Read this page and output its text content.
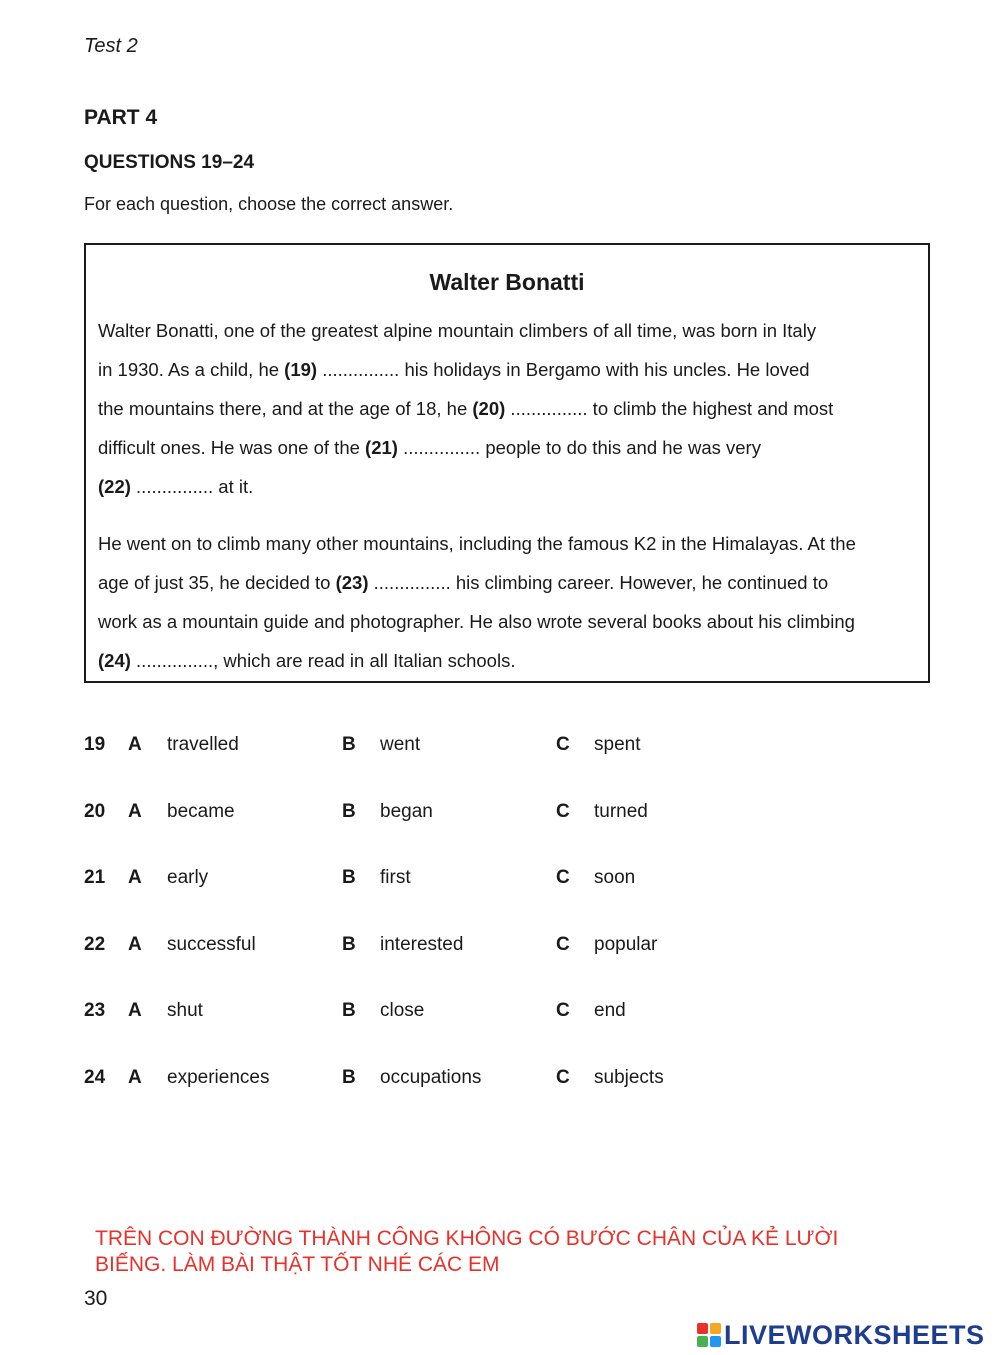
Test 2
PART 4
QUESTIONS 19–24
For each question, choose the correct answer.
Walter Bonatti

Walter Bonatti, one of the greatest alpine mountain climbers of all time, was born in Italy

in 1930. As a child, he (19) ............... his holidays in Bergamo with his uncles. He loved

the mountains there, and at the age of 18, he (20) ............... to climb the highest and most

difficult ones. He was one of the (21) ............... people to do this and he was very

(22) ............... at it.

He went on to climb many other mountains, including the famous K2 in the Himalayas. At the

age of just 35, he decided to (23) ............... his climbing career. However, he continued to

work as a mountain guide and photographer. He also wrote several books about his climbing

(24) ..............., which are read in all Italian schools.

19 A travelled	B went	C spent
20 A became	B began	C turned
21 A early	B first	C soon
22 A successful	B interested	C popular
23 A shut	B close	C end
24 A experiences	B occupations	C subjects
TRÊN CON ĐƯỜNG THÀNH CÔNG KHÔNG CÓ BƯỚC CHÂN CỦA KẺ LƯỜI
BIẾNG. LÀM BÀI THẬT TỐT NHÉ CÁC EM
30
LIVEWORKSHEETS
